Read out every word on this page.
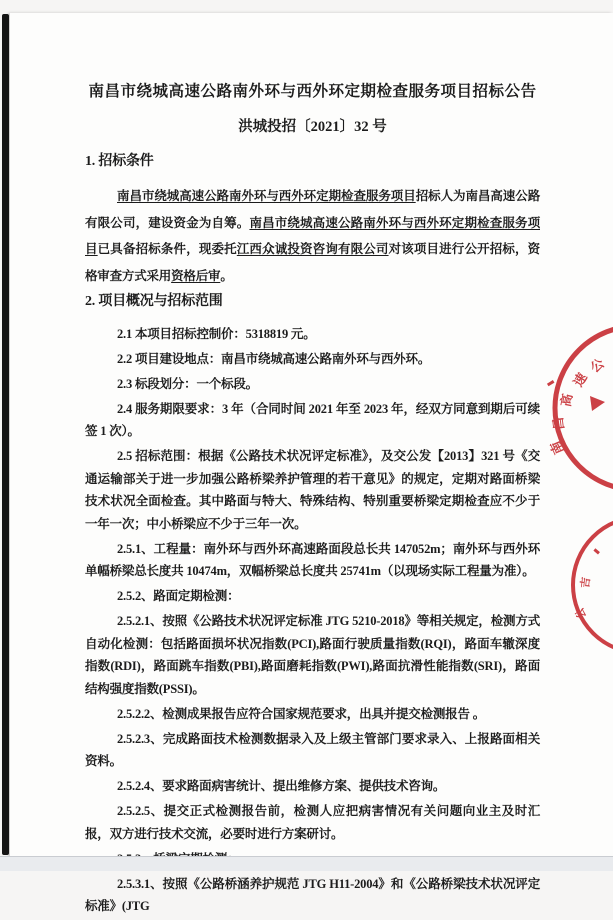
南昌市绕城高速公路南外环与西外环定期检查服务项目招标公告

洪城投招〔2021〕32 号

1. 招标条件

南昌市绕城高速公路南外环与西外环定期检查服务项目招标人为南昌高速公路有限公司，建设资金为自筹。南昌市绕城高速公路南外环与西外环定期检查服务项目已具备招标条件，现委托江西众诚投资咨询有限公司对该项目进行公开招标，资格审查方式采用资格后审。

2. 项目概况与招标范围

2.1 本项目招标控制价：5318819 元。

2.2 项目建设地点：南昌市绕城高速公路南外环与西外环。

2.3 标段划分：一个标段。

2.4 服务期限要求：3 年（合同时间 2021 年至 2023 年，经双方同意到期后可续签 1 次）。

2.5 招标范围：根据《公路技术状况评定标准》，及交公发【2013】321 号《交通运输部关于进一步加强公路桥梁养护管理的若干意见》的规定，定期对路面桥梁技术状况全面检查。其中路面与特大、特殊结构、特别重要桥梁定期检查应不少于一年一次；中小桥梁应不少于三年一次。

2.5.1、工程量：南外环与西外环高速路面段总长共 147052m；南外环与西外环单幅桥梁总长度共 10474m，双幅桥梁总长度共 25741m（以现场实际工程量为准）。

2.5.2、路面定期检测：

2.5.2.1、按照《公路技术状况评定标准 JTG 5210-2018》等相关规定，检测方式自动化检测：包括路面损坏状况指数(PCI),路面行驶质量指数(RQI)，路面车辙深度指数(RDI)，路面跳车指数(PBI),路面磨耗指数(PWI),路面抗滑性能指数(SRI)，路面结构强度指数(PSSI)。

2.5.2.2、检测成果报告应符合国家规范要求，出具并提交检测报告 。

2.5.2.3、完成路面技术检测数据录入及上级主管部门要求录入、上报路面相关资料。

2.5.2.4、要求路面病害统计、提出维修方案、提供技术咨询。

2.5.2.5、提交正式检测报告前，检测人应把病害情况有关问题向业主及时汇报，双方进行技术交流，必要时进行方案研讨。

2.5.3.1、按照《公路桥涵养护规范 JTG H11-2004》和《公路桥梁技术状况评定标准》(JTG

公
速
高
昌
南
吉
公
